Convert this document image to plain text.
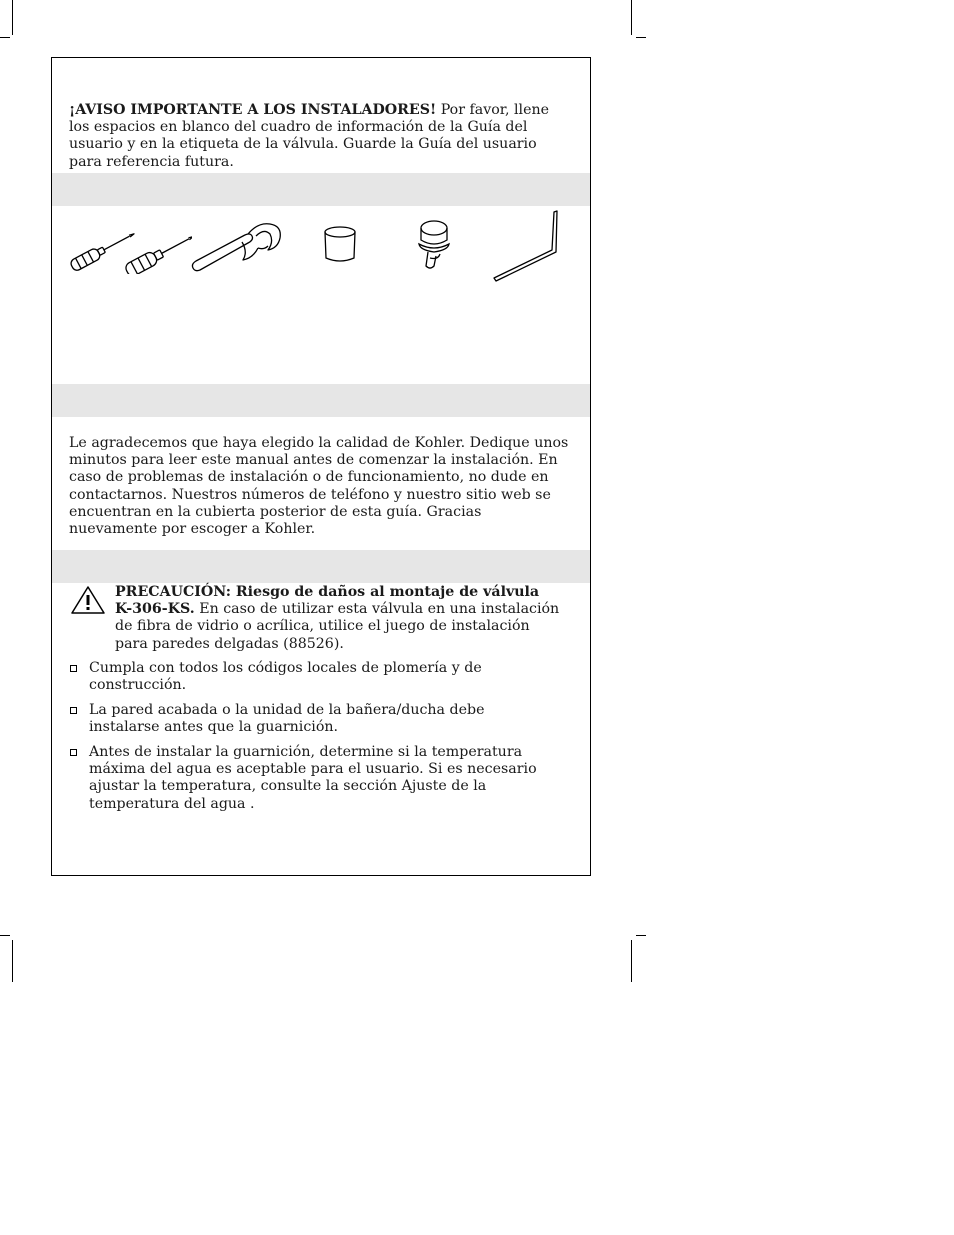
¡AVISO IMPORTANTE A LOS INSTALADORES! Por favor, llene los espacios en blanco del cuadro de información de la Guía del usuario y en la etiqueta de la válvula. Guarde la Guía del usuario para referencia futura.
Le agradecemos que haya elegido la calidad de Kohler. Dedique unos minutos para leer este manual antes de comenzar la instalación. En caso de problemas de instalación o de funcionamiento, no dude en contactarnos. Nuestros números de teléfono y nuestro sitio web se encuentran en la cubierta posterior de esta guía. Gracias nuevamente por escoger a Kohler.
PRECAUCIÓN: Riesgo de daños al montaje de válvula K-306-KS. En caso de utilizar esta válvula en una instalación de fibra de vidrio o acrílica, utilice el juego de instalación para paredes delgadas (88526).
Cumpla con todos los códigos locales de plomería y de construcción.
La pared acabada o la unidad de la bañera/ducha debe instalarse antes que la guarnición.
Antes de instalar la guarnición, determine si la temperatura máxima del agua es aceptable para el usuario. Si es necesario ajustar la temperatura, consulte la sección Ajuste de la temperatura del agua .
